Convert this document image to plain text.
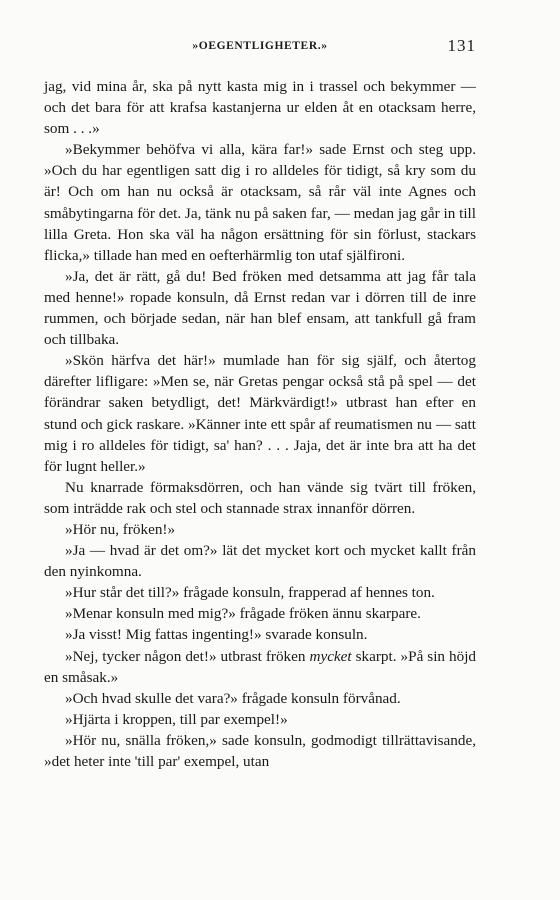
»OEGENTLIGHETER.»	131

jag, vid mina år, ska på nytt kasta mig in i trassel och bekymmer — och det bara för att krafsa kastanjerna ur elden åt en otacksam herre, som . . .»

»Bekymmer behöfva vi alla, kära far!» sade Ernst och steg upp. »Och du har egentligen satt dig i ro alldeles för tidigt, så kry som du är! Och om han nu också är otacksam, så rår väl inte Agnes och småbytingarna för det. Ja, tänk nu på saken far, — medan jag går in till lilla Greta. Hon ska väl ha någon ersättning för sin förlust, stackars flicka,» tillade han med en oefterhärmlig ton utaf själfironi.

»Ja, det är rätt, gå du! Bed fröken med detsamma att jag får tala med henne!» ropade konsuln, då Ernst redan var i dörren till de inre rummen, och började sedan, när han blef ensam, att tankfull gå fram och tillbaka.

»Skön härfva det här!» mumlade han för sig själf, och återtog därefter lifligare: »Men se, när Gretas pengar också stå på spel — det förändrar saken betydligt, det! Märkvärdigt!» utbrast han efter en stund och gick raskare. »Känner inte ett spår af reumatismen nu — satt mig i ro alldeles för tidigt, sa' han? . . . Jaja, det är inte bra att ha det för lugnt heller.»

Nu knarrade förmaksdörren, och han vände sig tvärt till fröken, som inträdde rak och stel och stannade strax innanför dörren.

»Hör nu, fröken!»

»Ja — hvad är det om?» lät det mycket kort och mycket kallt från den nyinkomna.

»Hur står det till?» frågade konsuln, frapperad af hennes ton.

»Menar konsuln med mig?» frågade fröken ännu skarpare.

»Ja visst! Mig fattas ingenting!» svarade konsuln.

»Nej, tycker någon det!» utbrast fröken mycket skarpt. »På sin höjd en småsak.»

»Och hvad skulle det vara?» frågade konsuln förvånad.

»Hjärta i kroppen, till par exempel!»

»Hör nu, snälla fröken,» sade konsuln, godmodigt tillrättavisande, »det heter inte 'till par' exempel, utan
